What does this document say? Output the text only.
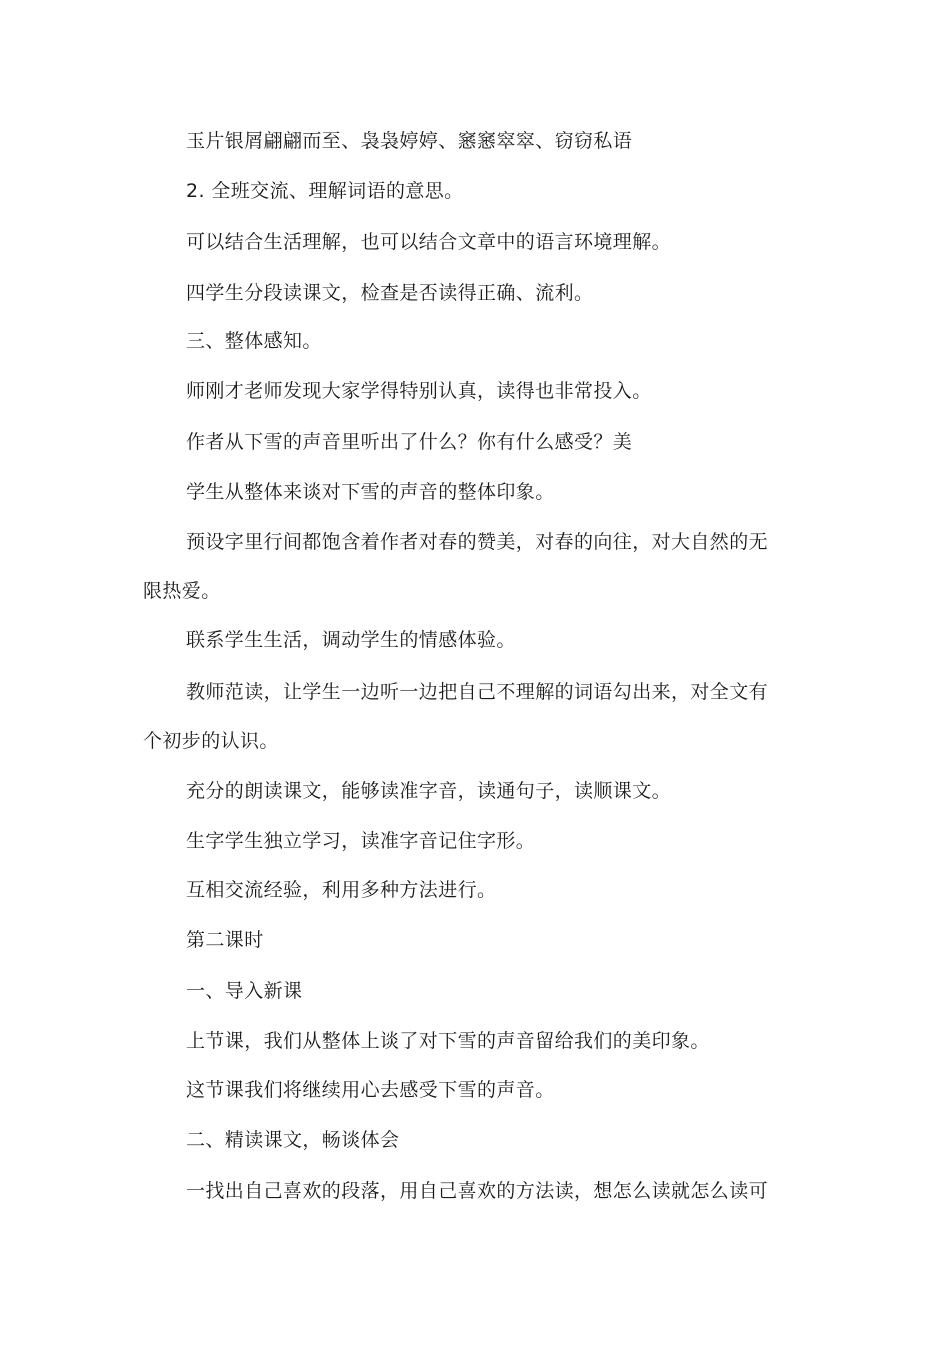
玉片银屑翩翩而至、袅袅婷婷、窸窸窣窣、窃窃私语

2. 全班交流、理解词语的意思。

可以结合生活理解，也可以结合文章中的语言环境理解。

四学生分段读课文，检查是否读得正确、流利。

三、整体感知。

师刚才老师发现大家学得特别认真，读得也非常投入。

作者从下雪的声音里听出了什么？你有什么感受？美

学生从整体来谈对下雪的声音的整体印象。

预设字里行间都饱含着作者对春的赞美，对春的向往，对大自然的无

限热爱。

联系学生生活，调动学生的情感体验。

教师范读，让学生一边听一边把自己不理解的词语勾出来，对全文有

个初步的认识。

充分的朗读课文，能够读准字音，读通句子，读顺课文。

生字学生独立学习，读准字音记住字形。

互相交流经验，利用多种方法进行。

第二课时

一、导入新课

上节课，我们从整体上谈了对下雪的声音留给我们的美印象。

这节课我们将继续用心去感受下雪的声音。

二、精读课文，畅谈体会

一找出自己喜欢的段落，用自己喜欢的方法读，想怎么读就怎么读可
